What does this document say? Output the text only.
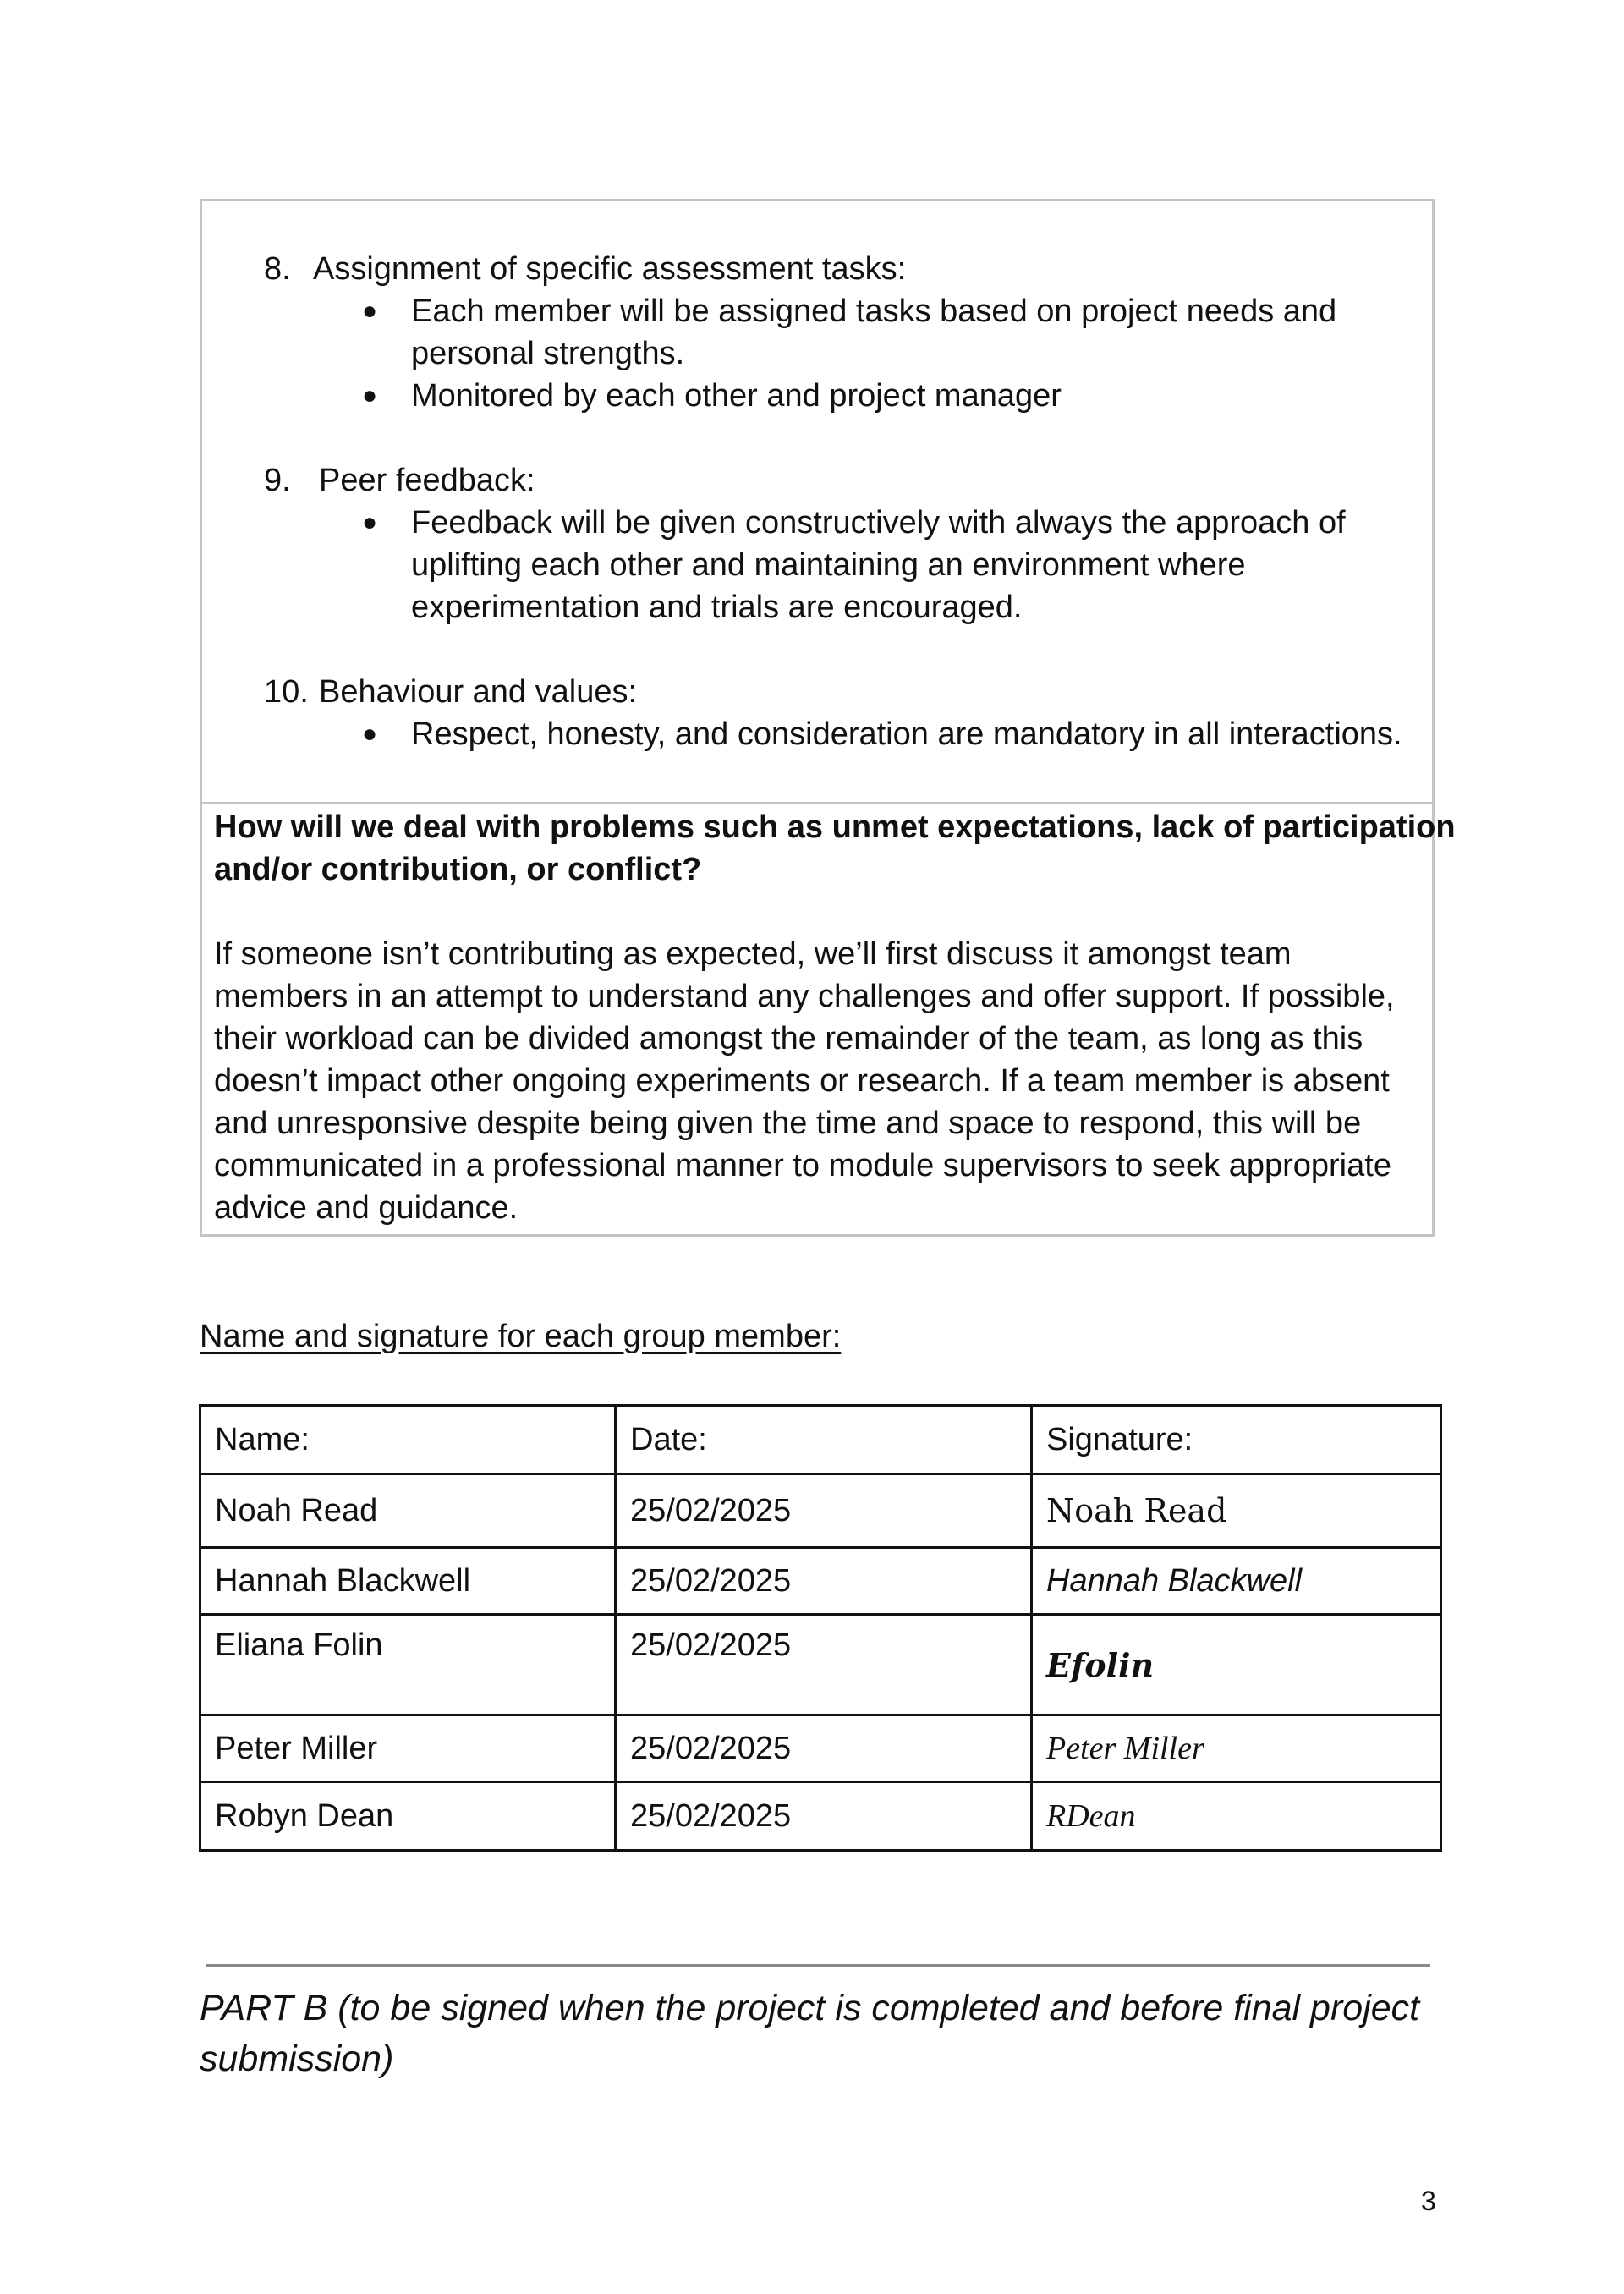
8. Assignment of specific assessment tasks:
● Each member will be assigned tasks based on project needs and
personal strengths.
● Monitored by each other and project manager
9. Peer feedback:
● Feedback will be given constructively with always the approach of
uplifting each other and maintaining an environment where
experimentation and trials are encouraged.
10. Behaviour and values:
● Respect, honesty, and consideration are mandatory in all interactions.
How will we deal with problems such as unmet expectations, lack of participation
and/or contribution, or conflict?
If someone isn’t contributing as expected, we’ll first discuss it amongst team
members in an attempt to understand any challenges and offer support. If possible,
their workload can be divided amongst the remainder of the team, as long as this
doesn’t impact other ongoing experiments or research. If a team member is absent
and unresponsive despite being given the time and space to respond, this will be
communicated in a professional manner to module supervisors to seek appropriate
advice and guidance.
Name and signature for each group member:
Name:	Date:	Signature:
Noah Read	25/02/2025	Noah Read
Hannah Blackwell	25/02/2025	Hannah Blackwell
Eliana Folin	25/02/2025	Efolin
Peter Miller	25/02/2025	Peter Miller
Robyn Dean	25/02/2025	RDean
PART B (to be signed when the project is completed and before final project
submission)
3
